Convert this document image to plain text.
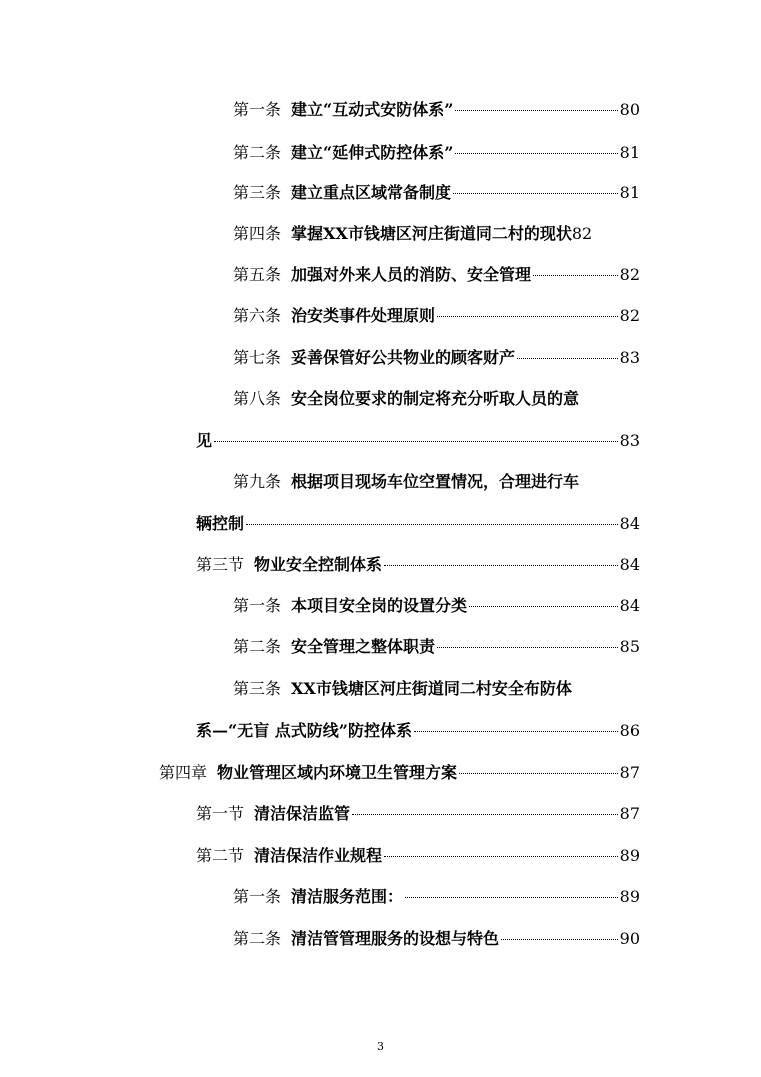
第一条 建立“互动式安防体系”	80
第二条 建立“延伸式防控体系”	81
第三条 建立重点区域常备制度	81
第四条 掌握XX市钱塘区河庄街道同二村的现状 82
第五条 加强对外来人员的消防、安全管理	82
第六条 治安类事件处理原则	82
第七条 妥善保管好公共物业的顾客财产	83
第八条 安全岗位要求的制定将充分听取人员的意
见	83
第九条 根据项目现场车位空置情况，合理进行车
辆控制	84
第三节 物业安全控制体系	84
第一条 本项目安全岗的设置分类	84
第二条 安全管理之整体职责	85
第三条 XX市钱塘区河庄街道同二村安全布防体
系—“无盲 点式防线”防控体系	86
第四章 物业管理区域内环境卫生管理方案	87
第一节 清洁保洁监管	87
第二节 清洁保洁作业规程	89
第一条 清洁服务范围：	89
第二条 清洁管管理服务的设想与特色	90
3
